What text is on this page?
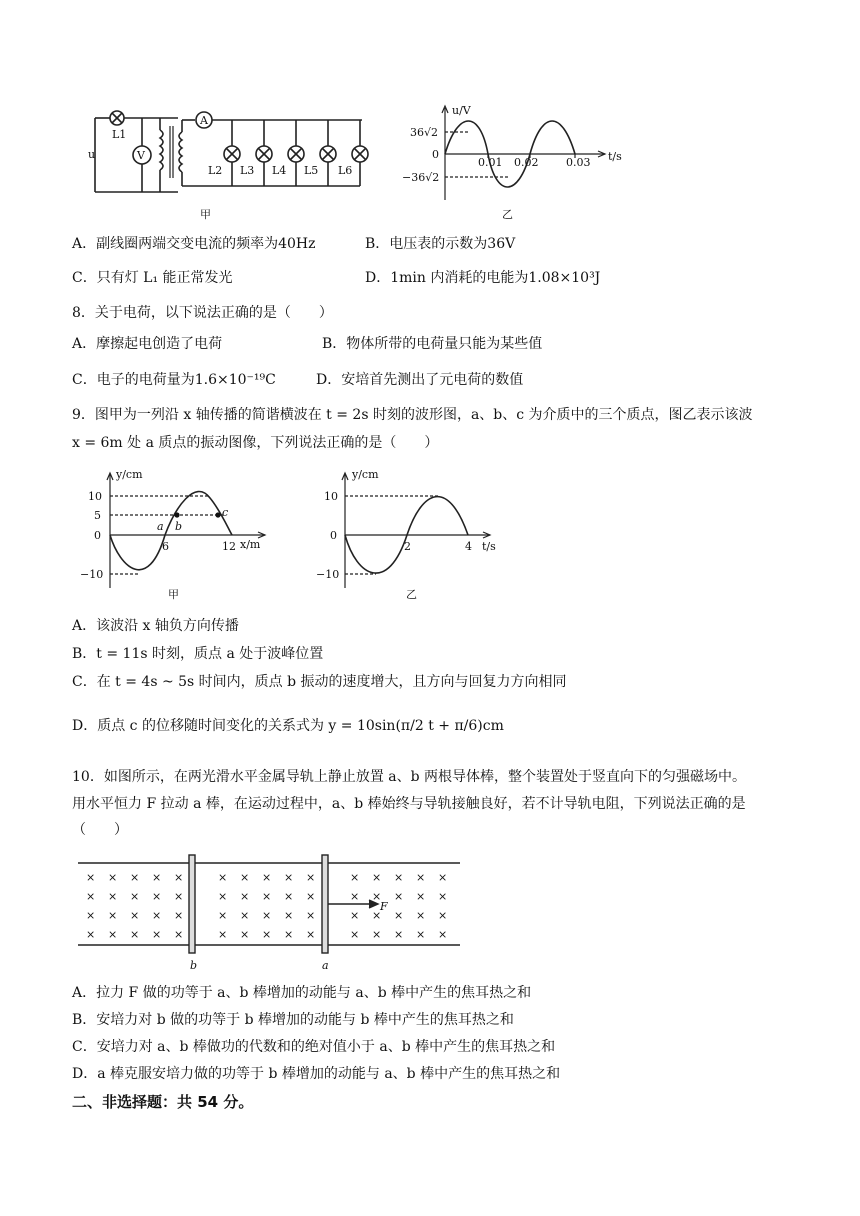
u	V
A
L1
L2 L3 L4 L5 L6
甲
u/V
t/s
36√2
0
−36√2
0.01 0.02	0.03
乙
A．副线圈两端交变电流的频率为40Hz	B．电压表的示数为36V
C．只有灯 L₁ 能正常发光	D．1min 内消耗的电能为1.08×10³J
8．关于电荷，以下说法正确的是（　　）
A．摩擦起电创造了电荷	B．物体所带的电荷量只能为某些值
C．电子的电荷量为1.6×10⁻¹⁹C	D．安培首先测出了元电荷的数值
9．图甲为一列沿 x 轴传播的简谐横波在 t = 2s 时刻的波形图，a、b、c 为介质中的三个质点，图乙表示该波
x = 6m 处 a 质点的振动图像，下列说法正确的是（　　）
y/cm
x/m
10
5
0
−10
6	12
a b
c
甲
y/cm
t/s
10
0
−10
2	4
乙
A．该波沿 x 轴负方向传播
B．t = 11s 时刻，质点 a 处于波峰位置
C．在 t = 4s ~ 5s 时间内，质点 b 振动的速度增大，且方向与回复力方向相同
D．质点 c 的位移随时间变化的关系式为 y = 10sin(π/2 t + π/6)cm
10．如图所示，在两光滑水平金属导轨上静止放置 a、b 两根导体棒，整个装置处于竖直向下的匀强磁场中。
用水平恒力 F 拉动 a 棒，在运动过程中，a、b 棒始终与导轨接触良好，若不计导轨电阻，下列说法正确的是
（　　）
× × × × ×	× × × × ×	× × × × ×
× × × × ×	× × × × ×	× × × × ×
× × × × ×	× × × × ×	× × × × ×
× × × × ×	× × × × ×	× × × × ×
b	a
F
A．拉力 F 做的功等于 a、b 棒增加的动能与 a、b 棒中产生的焦耳热之和
B．安培力对 b 做的功等于 b 棒增加的动能与 b 棒中产生的焦耳热之和
C．安培力对 a、b 棒做功的代数和的绝对值小于 a、b 棒中产生的焦耳热之和
D．a 棒克服安培力做的功等于 b 棒增加的动能与 a、b 棒中产生的焦耳热之和
二、非选择题：共 54 分。
